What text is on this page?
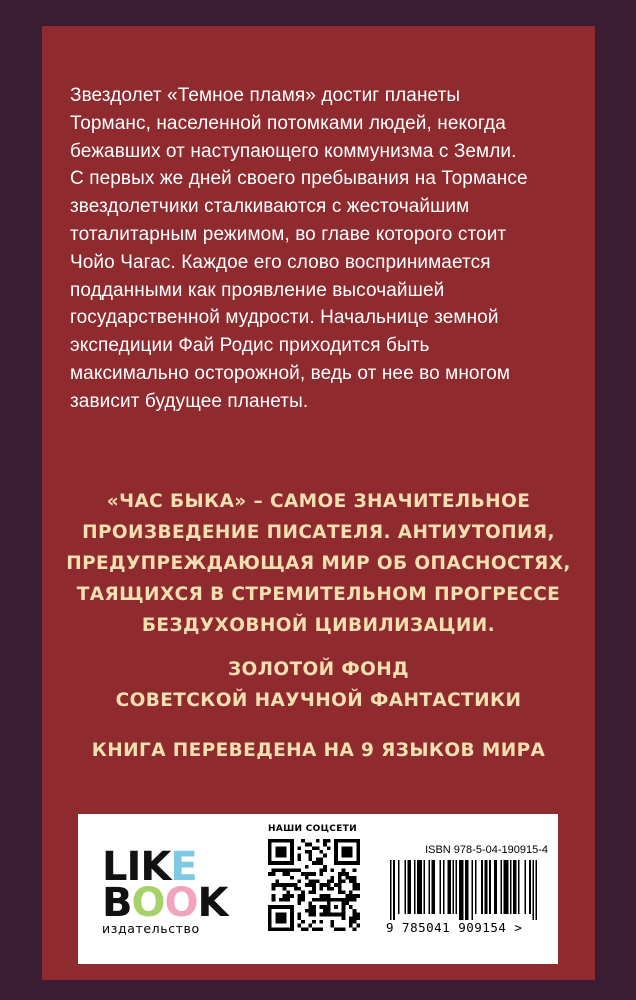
Звездолет «Темное пламя» достиг планеты
Торманс, населенной потомками людей, некогда
бежавших от наступающего коммунизма с Земли.
С первых же дней своего пребывания на Тормансе
звездолетчики сталкиваются с жесточайшим
тоталитарным режимом, во главе которого стоит
Чойо Чагас. Каждое его слово воспринимается
подданными как проявление высочайшей
государственной мудрости. Начальнице земной
экспедиции Фай Родис приходится быть
максимально осторожной, ведь от нее во многом
зависит будущее планеты.
«ЧАС БЫКА» – САМОЕ ЗНАЧИТЕЛЬНОЕ
ПРОИЗВЕДЕНИЕ ПИСАТЕЛЯ. АНТИУТОПИЯ,
ПРЕДУПРЕЖДАЮЩАЯ МИР ОБ ОПАСНОСТЯХ,
ТАЯЩИХСЯ В СТРЕМИТЕЛЬНОМ ПРОГРЕССЕ
БЕЗДУХОВНОЙ ЦИВИЛИЗАЦИИ.
ЗОЛОТОЙ ФОНД
СОВЕТСКОЙ НАУЧНОЙ ФАНТАСТИКИ
КНИГА ПЕРЕВЕДЕНА НА 9 ЯЗЫКОВ МИРА
L I K E
B O O K
издательство
НАШИ СОЦСЕТИ
ISBN 978-5-04-190915-4
9 785041 909154 >
